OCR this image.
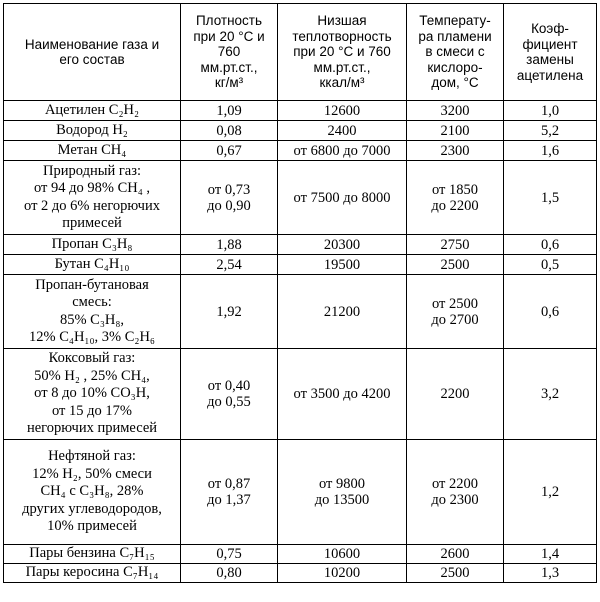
Наименование газа и
его состав	Плотность
при 20 °С и
760
мм.рт.ст.,
кг/м³	Низшая
теплотворность
при 20 °С и 760
мм.рт.ст.,
ккал/м³	Температу-
ра пламени
в смеси с
кислоро-
дом, °С	Коэф-
фициент
замены
ацетилена

Ацетилен С₂Н₂	1,09	12600	3200	1,0

Водород Н₂	0,08	2400	2100	5,2

Метан СН₄	0,67	от 6800 до 7000	2300	1,6

Природный газ:
от 94 до 98% СН₄ ,
от 2 до 6% негорючих
примесей	от 0,73
до 0,90	от 7500 до 8000	от 1850
до 2200	1,5

Пропан С₃Н₈	1,88	20300	2750	0,6

Бутан С₄Н₁₀	2,54	19500	2500	0,5

Пропан-бутановая
смесь:
85% С₃Н₈,
12% С₄Н₁₀, 3% С₂Н₆	1,92	21200	от 2500
до 2700	0,6

Коксовый газ:
50% Н₂ , 25% СН₄,
от 8 до 10% СО₃Н,
от 15 до 17%
негорючих примесей	от 0,40
до 0,55	от 3500 до 4200	2200	3,2

Нефтяной газ:
12% Н₂, 50% смеси
СН₄ с С₃Н₈, 28%
других углеводородов,
10% примесей	от 0,87
до 1,37	от 9800
до 13500	от 2200
до 2300	1,2

Пары бензина С₇Н₁₅	0,75	10600	2600	1,4

Пары керосина С₇Н₁₄	0,80	10200	2500	1,3
